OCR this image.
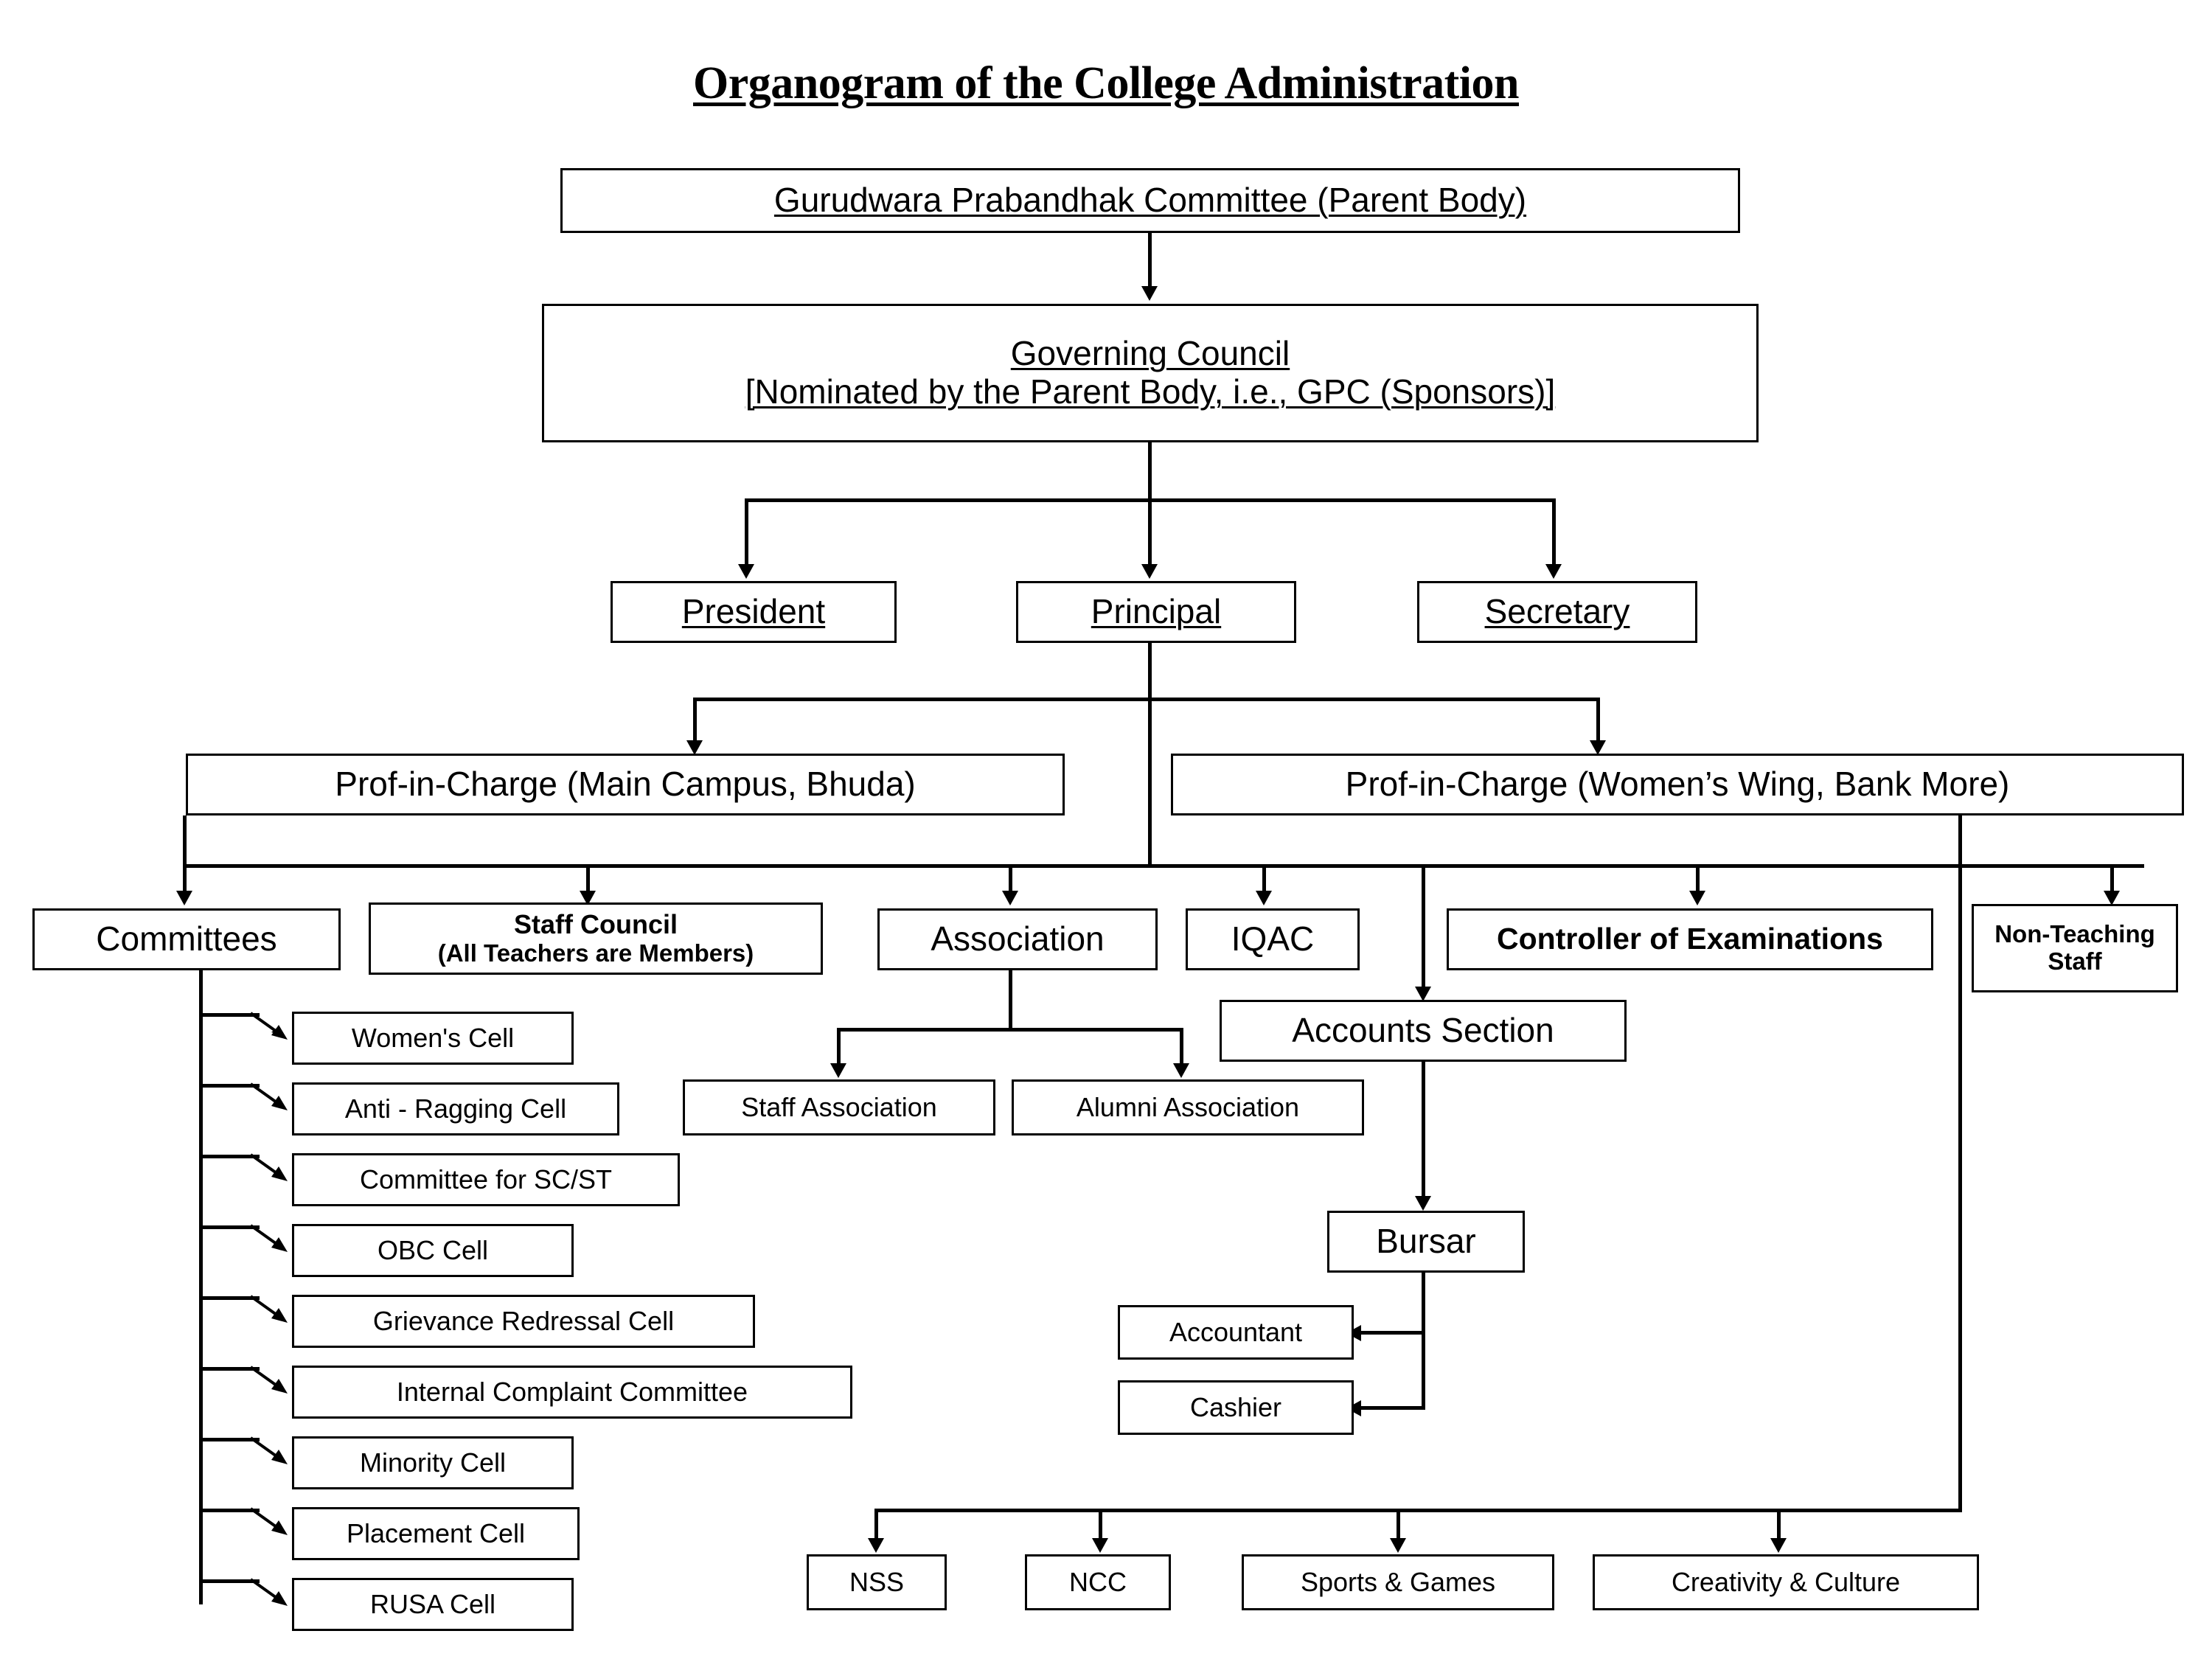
Organogram of the College Administration
Gurudwara Prabandhak Committee (Parent Body)
Governing Council
[Nominated by the Parent Body, i.e., GPC (Sponsors)]
President	Principal	Secretary
Prof-in-Charge (Main Campus, Bhuda)	Prof-in-Charge (Women’s Wing, Bank More)
Committees	Staff Council
(All Teachers are Members)	Association	IQAC	Controller of Examinations	Non-Teaching
Staff
Staff Association	Alumni Association
Accounts Section
Bursar
Accountant
Cashier
Women's Cell
Anti - Ragging Cell
Committee for SC/ST
OBC Cell
Grievance Redressal Cell
Internal Complaint Committee
Minority Cell
Placement Cell
RUSA Cell
NSS	NCC	Sports & Games	Creativity & Culture
